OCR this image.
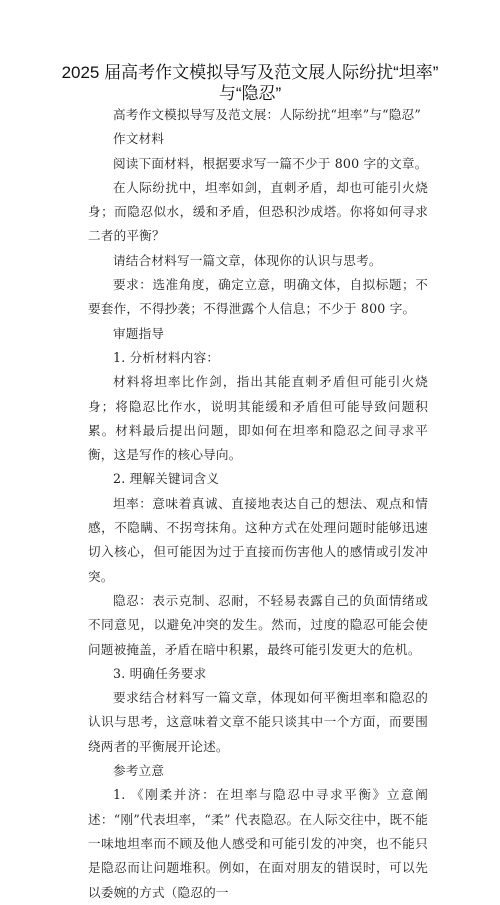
2025 届高考作文模拟导写及范文展人际纷扰“坦率”
与“隐忍”

高考作文模拟导写及范文展：人际纷扰“坦率”与“隐忍”

作文材料

阅读下面材料，根据要求写一篇不少于 800 字的文章。

在人际纷扰中，坦率如剑，直刺矛盾，却也可能引火烧身；而隐忍似水，缓和矛盾，但恐积沙成塔。你将如何寻求二者的平衡？

请结合材料写一篇文章，体现你的认识与思考。

要求：选准角度，确定立意，明确文体，自拟标题；不要套作，不得抄袭；不得泄露个人信息；不少于 800 字。

审题指导

1. 分析材料内容：

材料将坦率比作剑，指出其能直刺矛盾但可能引火烧身；将隐忍比作水，说明其能缓和矛盾但可能导致问题积累。材料最后提出问题，即如何在坦率和隐忍之间寻求平衡，这是写作的核心导向。

2. 理解关键词含义

坦率：意味着真诚、直接地表达自己的想法、观点和情感，不隐瞒、不拐弯抹角。这种方式在处理问题时能够迅速切入核心，但可能因为过于直接而伤害他人的感情或引发冲突。

隐忍：表示克制、忍耐，不轻易表露自己的负面情绪或不同意见，以避免冲突的发生。然而，过度的隐忍可能会使问题被掩盖，矛盾在暗中积累，最终可能引发更大的危机。

3. 明确任务要求

要求结合材料写一篇文章，体现如何平衡坦率和隐忍的认识与思考，这意味着文章不能只谈其中一个方面，而要围绕两者的平衡展开论述。

参考立意

1. 《刚柔并济：在坦率与隐忍中寻求平衡》立意阐述：“刚”代表坦率，“柔” 代表隐忍。在人际交往中，既不能一味地坦率而不顾及他人感受和可能引发的冲突，也不能只是隐忍而让问题堆积。例如，在面对朋友的错误时，可以先以委婉的方式（隐忍的一
